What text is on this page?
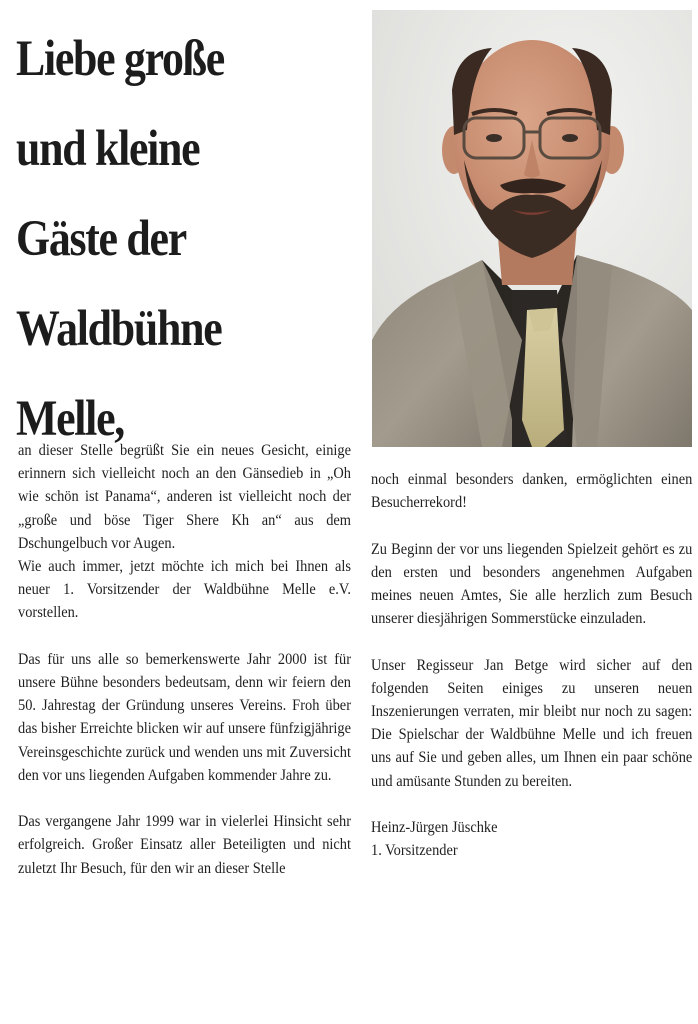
Liebe große
und kleine
Gäste der
Waldbühne
Melle,

an dieser Stelle begrüßt Sie ein neues Gesicht, einige erinnern sich vielleicht noch an den Gänsedieb in „Oh wie schön ist Panama“, anderen ist vielleicht noch der „große und böse Tiger Shere Kh an“ aus dem Dschungelbuch vor Augen.

Wie auch immer, jetzt möchte ich mich bei Ihnen als neuer 1. Vorsitzender der Waldbühne Melle e.V. vorstellen.

Das für uns alle so bemerkenswerte Jahr 2000 ist für unsere Bühne besonders bedeutsam, denn wir feiern den 50. Jahrestag der Gründung unseres Vereins. Froh über das bisher Erreichte blicken wir auf unsere fünfzigjährige Vereinsgeschichte zurück und wenden uns mit Zuversicht den vor uns liegenden Aufgaben kommender Jahre zu.

Das vergangene Jahr 1999 war in vielerlei Hinsicht sehr erfolgreich. Großer Einsatz aller Beteiligten und nicht zuletzt Ihr Besuch, für den wir an dieser Stelle

noch einmal besonders danken, ermöglichten einen Besucherrekord!

Zu Beginn der vor uns liegenden Spielzeit gehört es zu den ersten und besonders angenehmen Aufgaben meines neuen Amtes, Sie alle herzlich zum Besuch unserer diesjährigen Sommerstücke einzuladen.

Unser Regisseur Jan Betge wird sicher auf den folgenden Seiten einiges zu unseren neuen Inszenierungen verraten, mir bleibt nur noch zu sagen: Die Spielschar der Waldbühne Melle und ich freuen uns auf Sie und geben alles, um Ihnen ein paar schöne und amüsante Stunden zu bereiten.

Heinz-Jürgen Jüschke

1. Vorsitzender
